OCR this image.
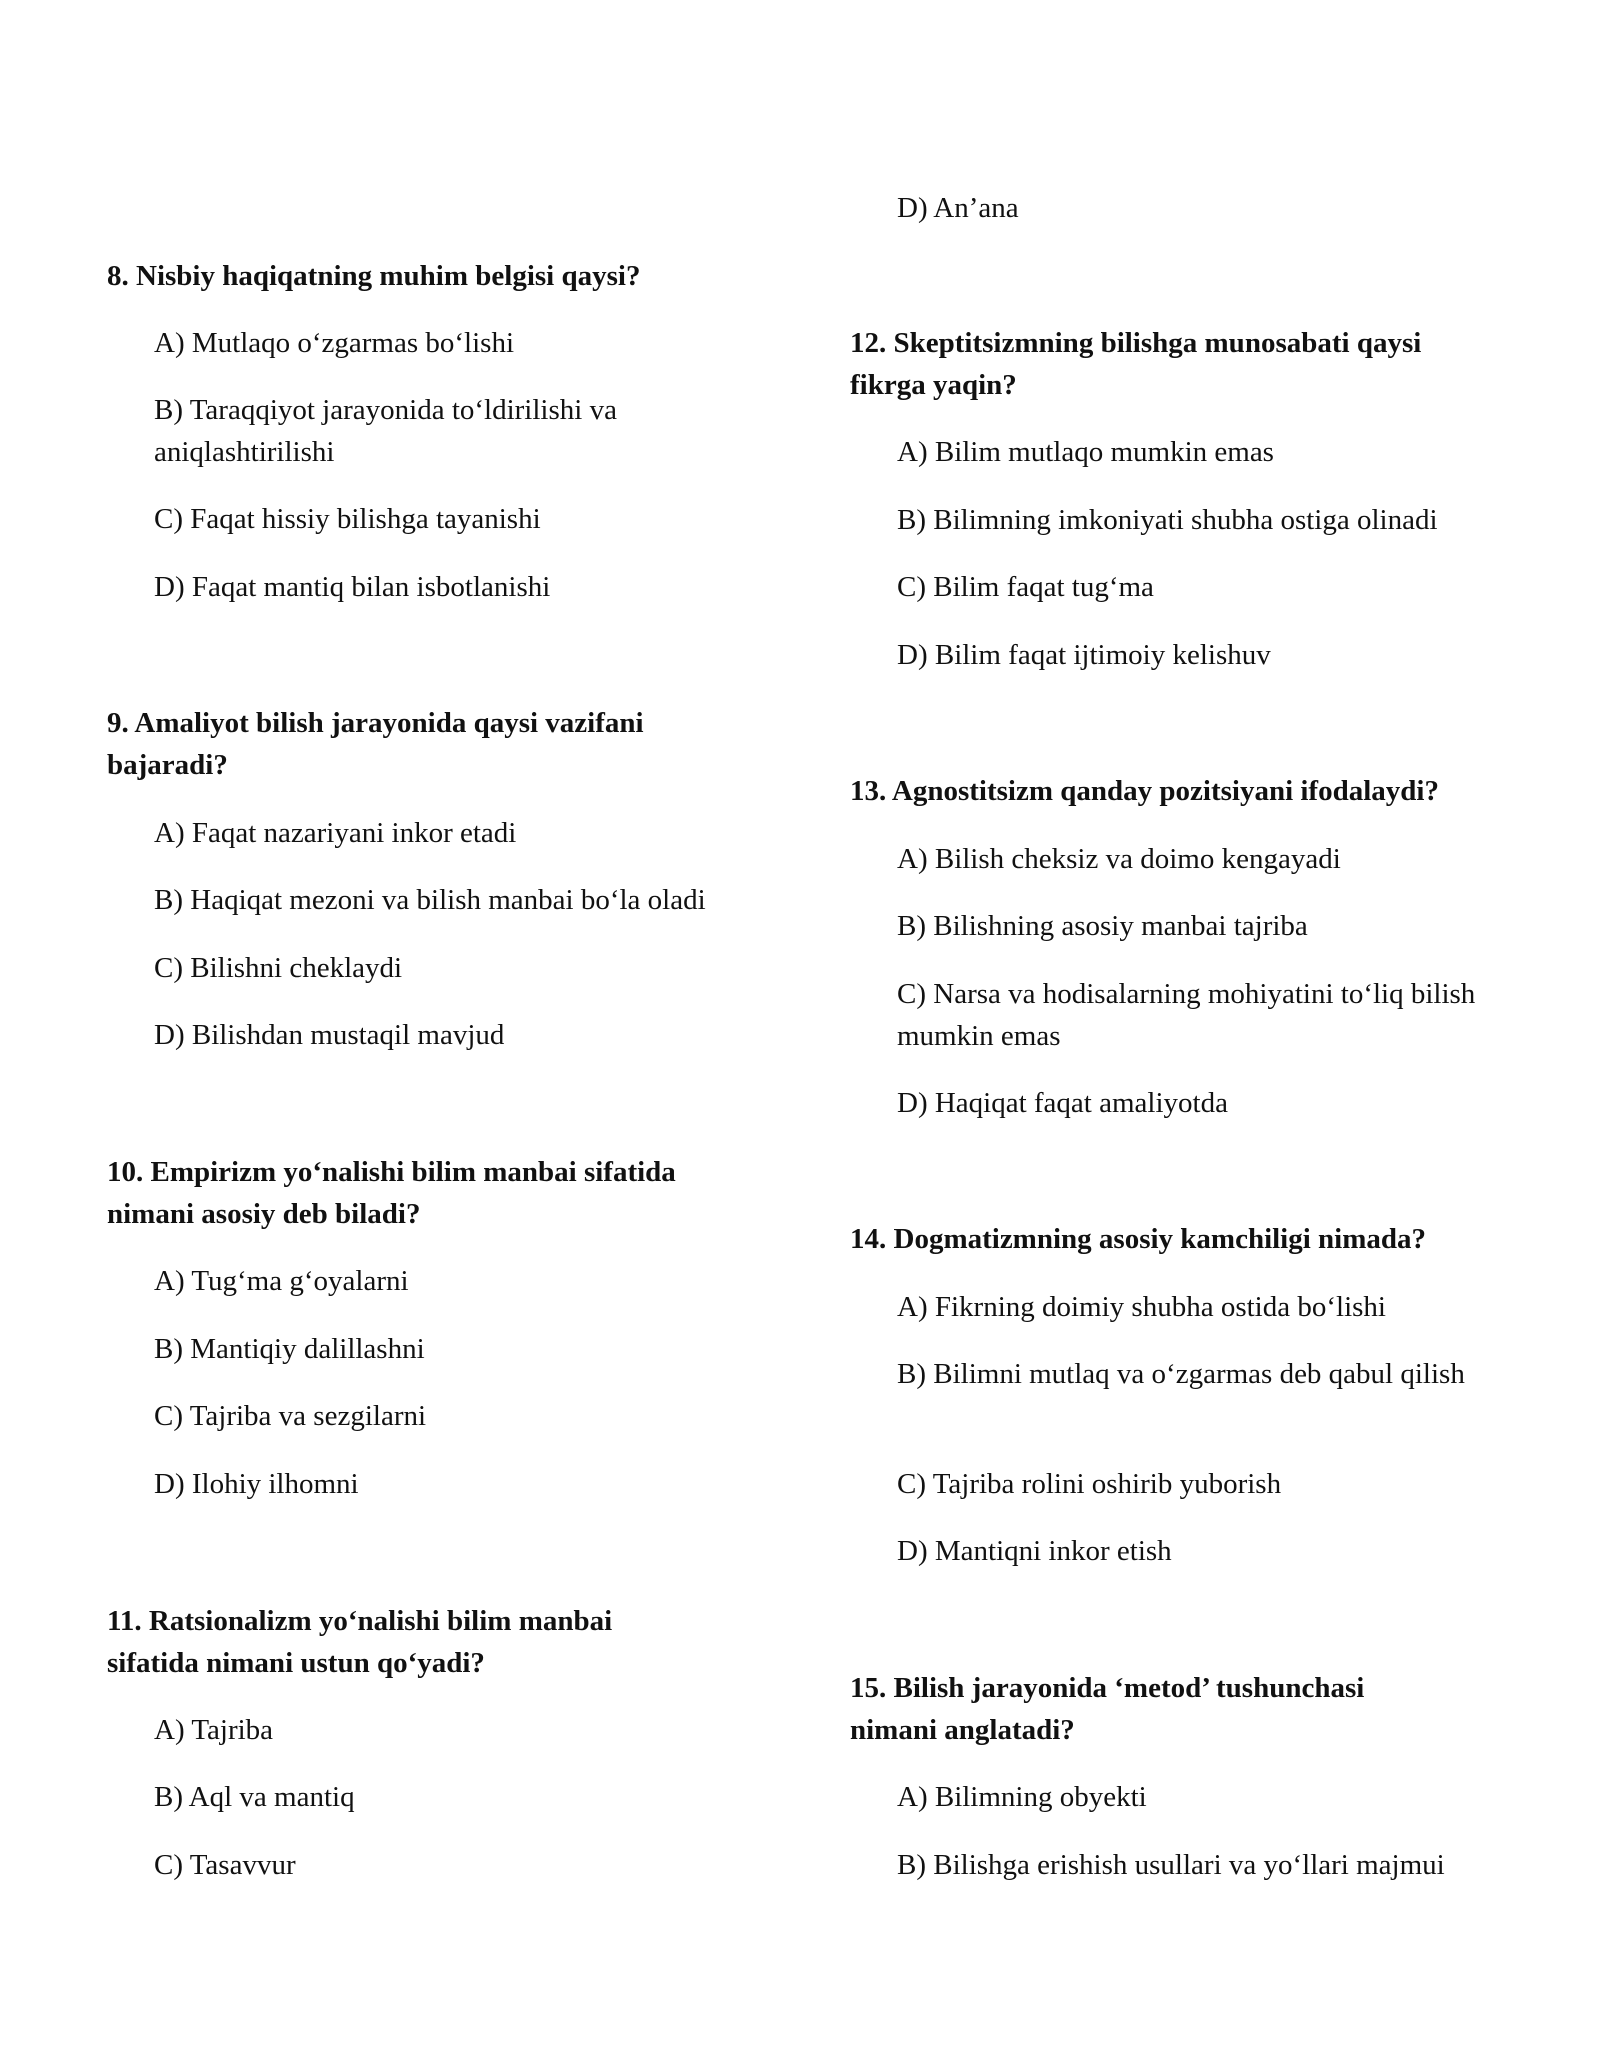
8. Nisbiy haqiqatning muhim belgisi qaysi?
A) Mutlaqo o‘zgarmas bo‘lishi
B) Taraqqiyot jarayonida to‘ldirilishi va aniqlashtirilishi
C) Faqat hissiy bilishga tayanishi
D) Faqat mantiq bilan isbotlanishi
9. Amaliyot bilish jarayonida qaysi vazifani bajaradi?
A) Faqat nazariyani inkor etadi
B) Haqiqat mezoni va bilish manbai bo‘la oladi
C) Bilishni cheklaydi
D) Bilishdan mustaqil mavjud
10. Empirizm yo‘nalishi bilim manbai sifatida nimani asosiy deb biladi?
A) Tug‘ma g‘oyalarni
B) Mantiqiy dalillashni
C) Tajriba va sezgilarni
D) Ilohiy ilhomni
11. Ratsionalizm yo‘nalishi bilim manbai sifatida nimani ustun qo‘yadi?
A) Tajriba
B) Aql va mantiq
C) Tasavvur
D) An’ana
12. Skeptitsizmning bilishga munosabati qaysi fikrga yaqin?
A) Bilim mutlaqo mumkin emas
B) Bilimning imkoniyati shubha ostiga olinadi
C) Bilim faqat tug‘ma
D) Bilim faqat ijtimoiy kelishuv
13. Agnostitsizm qanday pozitsiyani ifodalaydi?
A) Bilish cheksiz va doimo kengayadi
B) Bilishning asosiy manbai tajriba
C) Narsa va hodisalarning mohiyatini to‘liq bilish mumkin emas
D) Haqiqat faqat amaliyotda
14. Dogmatizmning asosiy kamchiligi nimada?
A) Fikrning doimiy shubha ostida bo‘lishi
B) Bilimni mutlaq va o‘zgarmas deb qabul qilish
C) Tajriba rolini oshirib yuborish
D) Mantiqni inkor etish
15. Bilish jarayonida ‘metod’ tushunchasi nimani anglatadi?
A) Bilimning obyekti
B) Bilishga erishish usullari va yo‘llari majmui
